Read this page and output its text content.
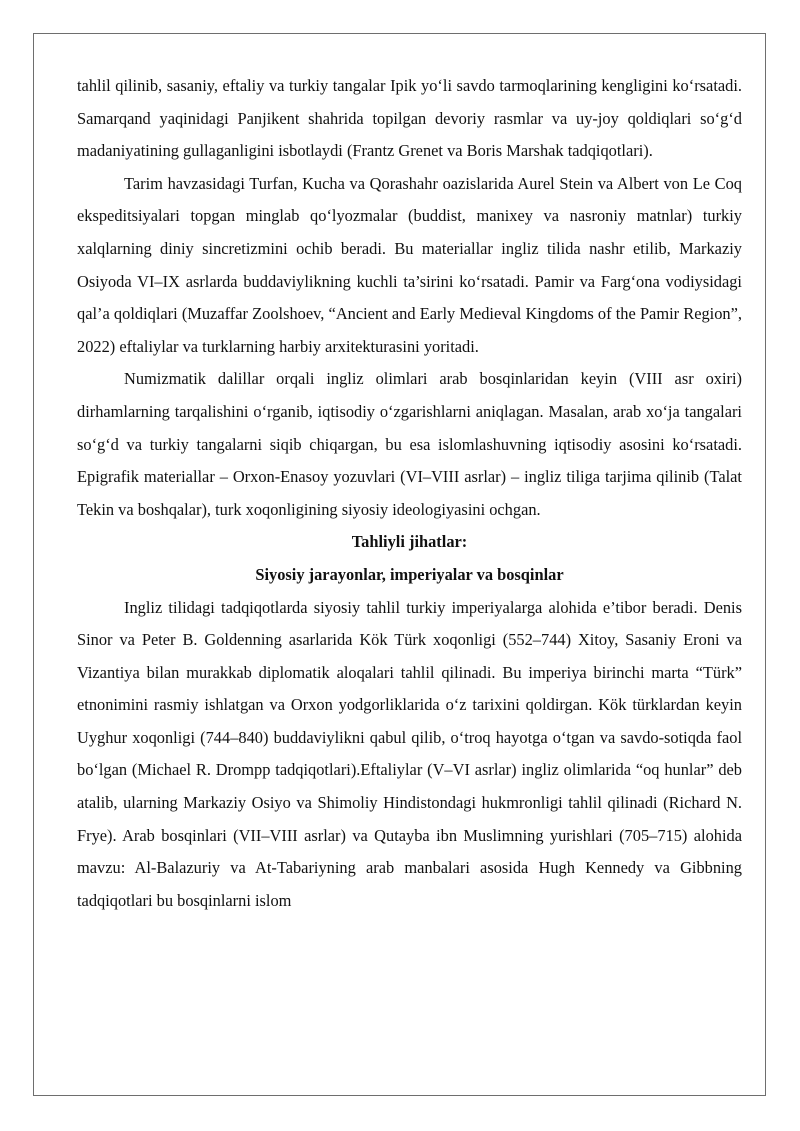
tahlil qilinib, sasaniy, eftaliy va turkiy tangalar Ipik yo‘li savdo tarmoqlarining kengligini ko‘rsatadi. Samarqand yaqinidagi Panjikent shahrida topilgan devoriy rasmlar va uy-joy qoldiqlari so‘g‘d madaniyatining gullaganligini isbotlaydi (Frantz Grenet va Boris Marshak tadqiqotlari).

Tarim havzasidagi Turfan, Kucha va Qorashahr oazislarida Aurel Stein va Albert von Le Coq ekspeditsiyalari topgan minglab qo‘lyozmalar (buddist, manixey va nasroniy matnlar) turkiy xalqlarning diniy sincretizmini ochib beradi. Bu materiallar ingliz tilida nashr etilib, Markaziy Osiyoda VI–IX asrlarda buddaviylikning kuchli ta’sirini ko‘rsatadi. Pamir va Farg‘ona vodiysidagi qal’a qoldiqlari (Muzaffar Zoolshoev, “Ancient and Early Medieval Kingdoms of the Pamir Region”, 2022) eftaliylar va turklarning harbiy arxitekturasini yoritadi.

Numizmatik dalillar orqali ingliz olimlari arab bosqinlaridan keyin (VIII asr oxiri) dirhamlarning tarqalishini o‘rganib, iqtisodiy o‘zgarishlarni aniqlagan. Masalan, arab xo‘ja tangalari so‘g‘d va turkiy tangalarni siqib chiqargan, bu esa islomlashuvning iqtisodiy asosini ko‘rsatadi. Epigrafik materiallar – Orxon-Enasoy yozuvlari (VI–VIII asrlar) – ingliz tiliga tarjima qilinib (Talat Tekin va boshqalar), turk xoqonligining siyosiy ideologiyasini ochgan.

Tahliyli jihatlar:
Siyosiy jarayonlar, imperiyalar va bosqinlar

Ingliz tilidagi tadqiqotlarda siyosiy tahlil turkiy imperiyalarga alohida e’tibor beradi. Denis Sinor va Peter B. Goldenning asarlarida Kök Türk xoqonligi (552–744) Xitoy, Sasaniy Eroni va Vizantiya bilan murakkab diplomatik aloqalari tahlil qilinadi. Bu imperiya birinchi marta “Türk” etnonimini rasmiy ishlatgan va Orxon yodgorliklarida o‘z tarixini qoldirgan. Kök türklardan keyin Uyghur xoqonligi (744–840) buddaviylikni qabul qilib, o‘troq hayotga o‘tgan va savdo-sotiqda faol bo‘lgan (Michael R. Drompp tadqiqotlari).Eftaliylar (V–VI asrlar) ingliz olimlarida “oq hunlar” deb atalib, ularning Markaziy Osiyo va Shimoliy Hindistondagi hukmronligi tahlil qilinadi (Richard N. Frye). Arab bosqinlari (VII–VIII asrlar) va Qutayba ibn Muslimning yurishlari (705–715) alohida mavzu: Al-Balazuriy va At-Tabariyning arab manbalari asosida Hugh Kennedy va Gibbning tadqiqotlari bu bosqinlarni islom
